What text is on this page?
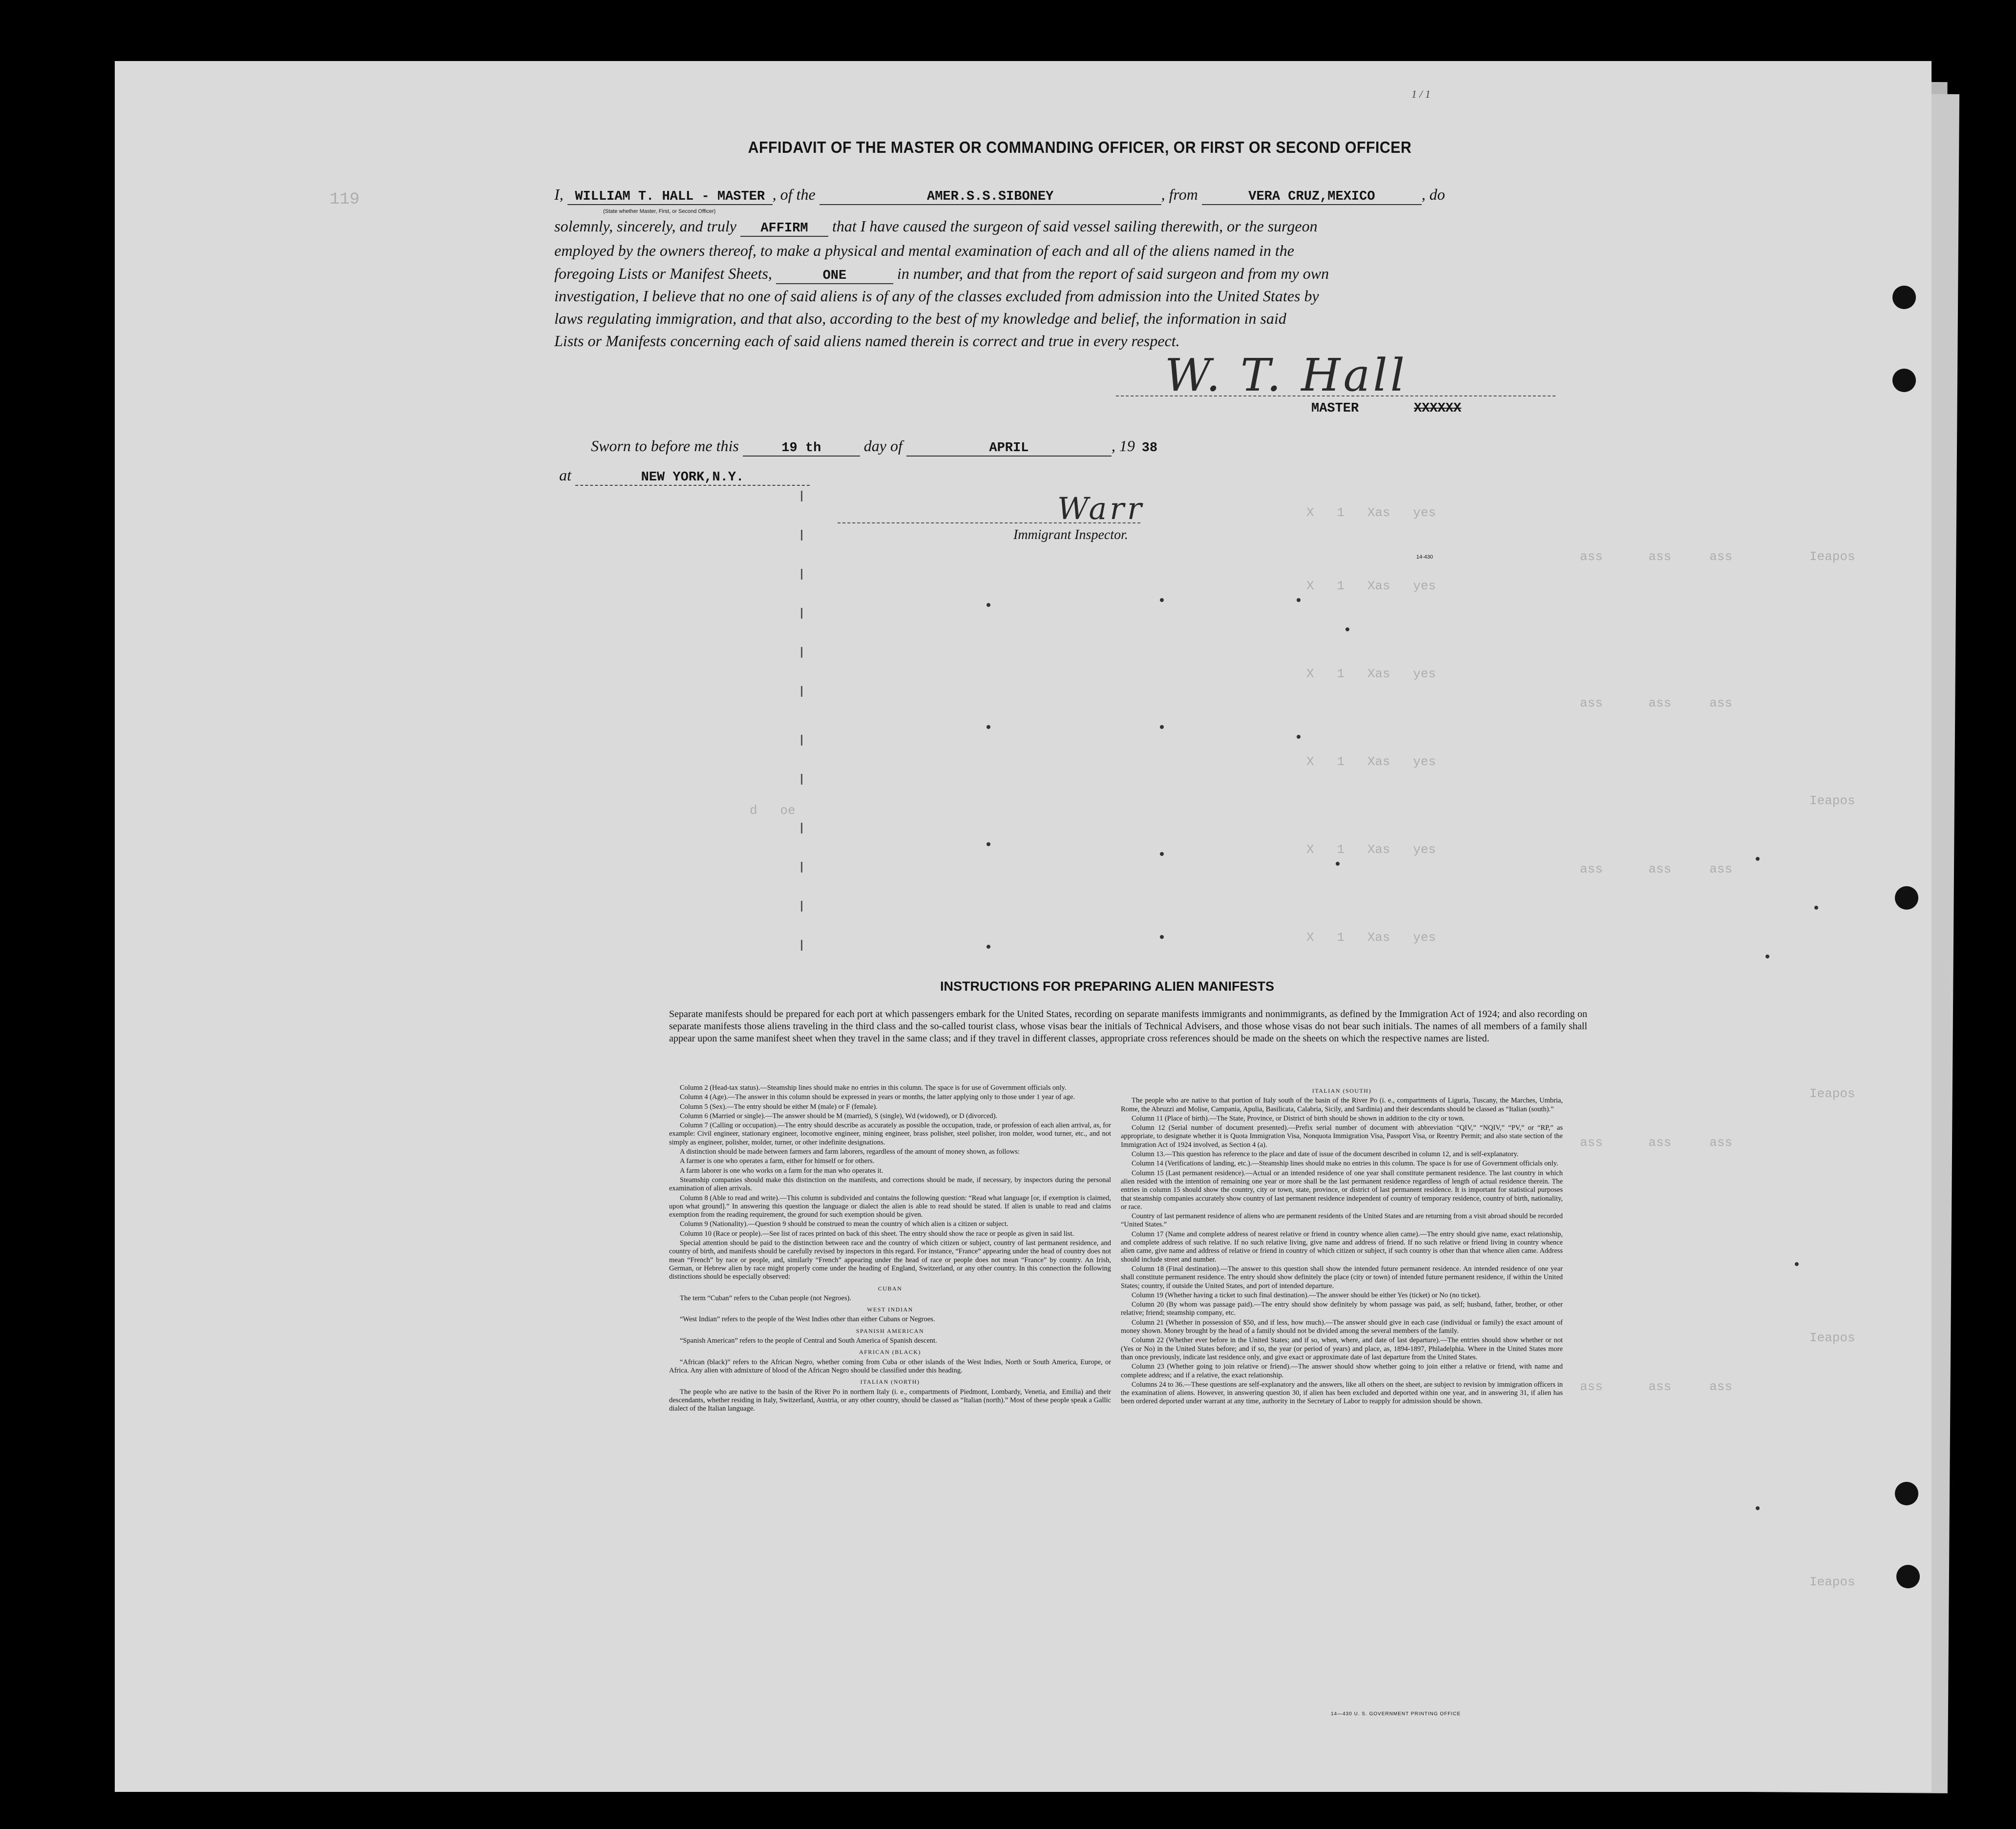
X   1   Xas   yes
X   1   Xas   yes
X   1   Xas   yes
X   1   Xas   yes
X   1   Xas   yes
X   1   Xas   yes
ass      ass     ass
ass      ass     ass
ass      ass     ass
ass      ass     ass
ass      ass     ass
Ieapos
Ieapos
Ieapos
Ieapos
Ieapos
d   oe
1 / 1
119
AFFIDAVIT OF THE MASTER OR COMMANDING OFFICER, OR FIRST OR SECOND OFFICER
I, WILLIAM T. HALL - MASTER , of the	AMER.S.S.SIBONEY	, from	VERA CRUZ,MEXICO	, do
(State whether Master, First, or Second Officer)
solemnly, sincerely, and truly AFFIRM that I have caused the surgeon of said vessel sailing therewith, or the surgeon
employed by the owners thereof, to make a physical and mental examination of each and all of the aliens named in the
foregoing Lists or Manifest Sheets,	ONE	in number, and that from the report of said surgeon and from my own
investigation, I believe that no one of said aliens is of any of the classes excluded from admission into the United States by
laws regulating immigration, and that also, according to the best of my knowledge and belief, the information in said
Lists or Manifests concerning each of said aliens named therein is correct and true in every respect.
W. T. Hall
MASTER	XXXXXX
Sworn to before me this	19 th	day of	APRIL	, 19 38
at	NEW YORK,N.Y.
Warr
Immigrant Inspector.
14-430
INSTRUCTIONS FOR PREPARING ALIEN MANIFESTS
Separate manifests should be prepared for each port at which passengers embark for the United States, recording on separate manifests immigrants and nonimmigrants, as defined by the Immigration Act of 1924; and also recording on separate manifests those aliens traveling in the third class and the so-called tourist class, whose visas bear the initials of Technical Advisers, and those whose visas do not bear such initials. The names of all members of a family shall appear upon the same manifest sheet when they travel in the same class; and if they travel in different classes, appropriate cross references should be made on the sheets on which the respective names are listed.

Column 2 (Head-tax status).—Steamship lines should make no entries in this column. The space is for use of Government officials only.

Column 4 (Age).—The answer in this column should be expressed in years or months, the latter applying only to those under 1 year of age.

Column 5 (Sex).—The entry should be either M (male) or F (female).

Column 6 (Married or single).—The answer should be M (married), S (single), Wd (widowed), or D (divorced).

Column 7 (Calling or occupation).—The entry should describe as accurately as possible the occupation, trade, or profession of each alien arrival, as, for example: Civil engineer, stationary engineer, locomotive engineer, mining engineer, brass polisher, steel polisher, iron molder, wood turner, etc., and not simply as engineer, polisher, molder, turner, or other indefinite designations.

A distinction should be made between farmers and farm laborers, regardless of the amount of money shown, as follows:

A farmer is one who operates a farm, either for himself or for others.

A farm laborer is one who works on a farm for the man who operates it.

Steamship companies should make this distinction on the manifests, and corrections should be made, if necessary, by inspectors during the personal examination of alien arrivals.

Column 8 (Able to read and write).—This column is subdivided and contains the following question: “Read what language [or, if exemption is claimed, upon what ground].” In answering this question the language or dialect the alien is able to read should be stated. If alien is unable to read and claims exemption from the reading requirement, the ground for such exemption should be given.

Column 9 (Nationality).—Question 9 should be construed to mean the country of which alien is a citizen or subject.

Column 10 (Race or people).—See list of races printed on back of this sheet. The entry should show the race or people as given in said list.

Special attention should be paid to the distinction between race and the country of which citizen or subject, country of last permanent residence, and country of birth, and manifests should be carefully revised by inspectors in this regard. For instance, “France” appearing under the head of country does not mean “French” by race or people, and, similarly “French” appearing under the head of race or people does not mean “France” by country. An Irish, German, or Hebrew alien by race might properly come under the heading of England, Switzerland, or any other country. In this connection the following distinctions should be especially observed:

CUBAN

The term “Cuban” refers to the Cuban people (not Negroes).

WEST INDIAN

“West Indian” refers to the people of the West Indies other than either Cubans or Negroes.

SPANISH AMERICAN

“Spanish American” refers to the people of Central and South America of Spanish descent.

AFRICAN (BLACK)

“African (black)” refers to the African Negro, whether coming from Cuba or other islands of the West Indies, North or South America, Europe, or Africa. Any alien with admixture of blood of the African Negro should be classified under this heading.

ITALIAN (NORTH)

The people who are native to the basin of the River Po in northern Italy (i. e., compartments of Piedmont, Lombardy, Venetia, and Emilia) and their descendants, whether residing in Italy, Switzerland, Austria, or any other country, should be classed as “Italian (north).” Most of these people speak a Gallic dialect of the Italian language.

ITALIAN (SOUTH)

The people who are native to that portion of Italy south of the basin of the River Po (i. e., compartments of Liguria, Tuscany, the Marches, Umbria, Rome, the Abruzzi and Molise, Campania, Apulia, Basilicata, Calabria, Sicily, and Sardinia) and their descendants should be classed as “Italian (south).”

Column 11 (Place of birth).—The State, Province, or District of birth should be shown in addition to the city or town.

Column 12 (Serial number of document presented).—Prefix serial number of document with abbreviation “QIV,” “NQIV,” “PV,” or “RP,” as appropriate, to designate whether it is Quota Immigration Visa, Nonquota Immigration Visa, Passport Visa, or Reentry Permit; and also state section of the Immigration Act of 1924 involved, as Section 4 (a).

Column 13.—This question has reference to the place and date of issue of the document described in column 12, and is self-explanatory.

Column 14 (Verifications of landing, etc.).—Steamship lines should make no entries in this column. The space is for use of Government officials only.

Column 15 (Last permanent residence).—Actual or an intended residence of one year shall constitute permanent residence. The last country in which alien resided with the intention of remaining one year or more shall be the last permanent residence regardless of length of actual residence therein. The entries in column 15 should show the country, city or town, state, province, or district of last permanent residence. It is important for statistical purposes that steamship companies accurately show country of last permanent residence independent of country of temporary residence, country of birth, nationality, or race.

Country of last permanent residence of aliens who are permanent residents of the United States and are returning from a visit abroad should be recorded “United States.”

Column 17 (Name and complete address of nearest relative or friend in country whence alien came).—The entry should give name, exact relationship, and complete address of such relative. If no such relative living, give name and address of friend. If no such relative or friend living in country whence alien came, give name and address of relative or friend in country of which citizen or subject, if such country is other than that whence alien came. Address should include street and number.

Column 18 (Final destination).—The answer to this question shall show the intended future permanent residence. An intended residence of one year shall constitute permanent residence. The entry should show definitely the place (city or town) of intended future permanent residence, if within the United States; country, if outside the United States, and port of intended departure.

Column 19 (Whether having a ticket to such final destination).—The answer should be either Yes (ticket) or No (no ticket).

Column 20 (By whom was passage paid).—The entry should show definitely by whom passage was paid, as self; husband, father, brother, or other relative; friend; steamship company, etc.

Column 21 (Whether in possession of $50, and if less, how much).—The answer should give in each case (individual or family) the exact amount of money shown. Money brought by the head of a family should not be divided among the several members of the family.

Column 22 (Whether ever before in the United States; and if so, when, where, and date of last departure).—The entries should show whether or not (Yes or No) in the United States before; and if so, the year (or period of years) and place, as, 1894-1897, Philadelphia. Where in the United States more than once previously, indicate last residence only, and give exact or approximate date of last departure from the United States.

Column 23 (Whether going to join relative or friend).—The answer should show whether going to join either a relative or friend, with name and complete address; and if a relative, the exact relationship.

Columns 24 to 36.—These questions are self-explanatory and the answers, like all others on the sheet, are subject to revision by immigration officers in the examination of aliens. However, in answering question 30, if alien has been excluded and deported within one year, and in answering 31, if alien has been ordered deported under warrant at any time, authority in the Secretary of Labor to reapply for admission should be shown.

14—430 U. S. GOVERNMENT PRINTING OFFICE
